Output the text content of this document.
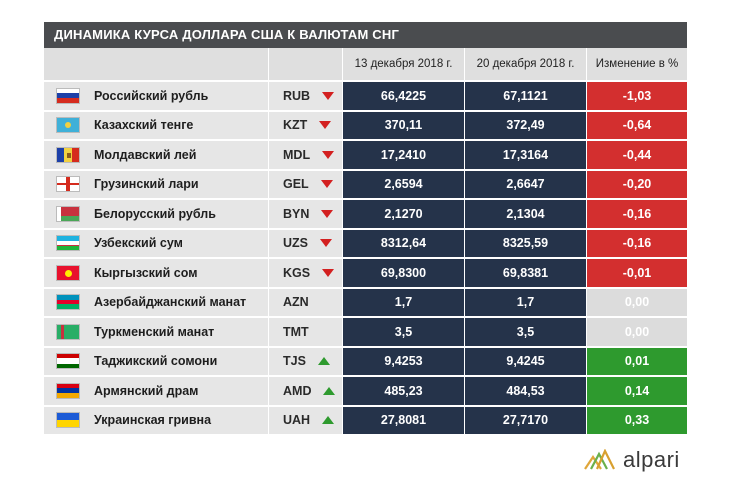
ДИНАМИКА КУРСА ДОЛЛАРА США К ВАЛЮТАМ СНГ
13 декабря 2018 г.	20 декабря 2018 г.	Изменение в %
Российский рубль	RUB	66,4225	67,1121	-1,03
Казахский тенге	KZT	370,11	372,49	-0,64
Молдавский лей	MDL	17,2410	17,3164	-0,44
Грузинский лари	GEL	2,6594	2,6647	-0,20
Белорусский рубль	BYN	2,1270	2,1304	-0,16
Узбекский сум	UZS	8312,64	8325,59	-0,16
Кыргызский сом	KGS	69,8300	69,8381	-0,01
Азербайджанский манат	AZN	1,7	1,7	0,00
Туркменский манат	TMT	3,5	3,5	0,00
Таджикский сомони	TJS	9,4253	9,4245	0,01
Армянский драм	AMD	485,23	484,53	0,14
Украинская гривна	UAH	27,8081	27,7170	0,33
alpari
